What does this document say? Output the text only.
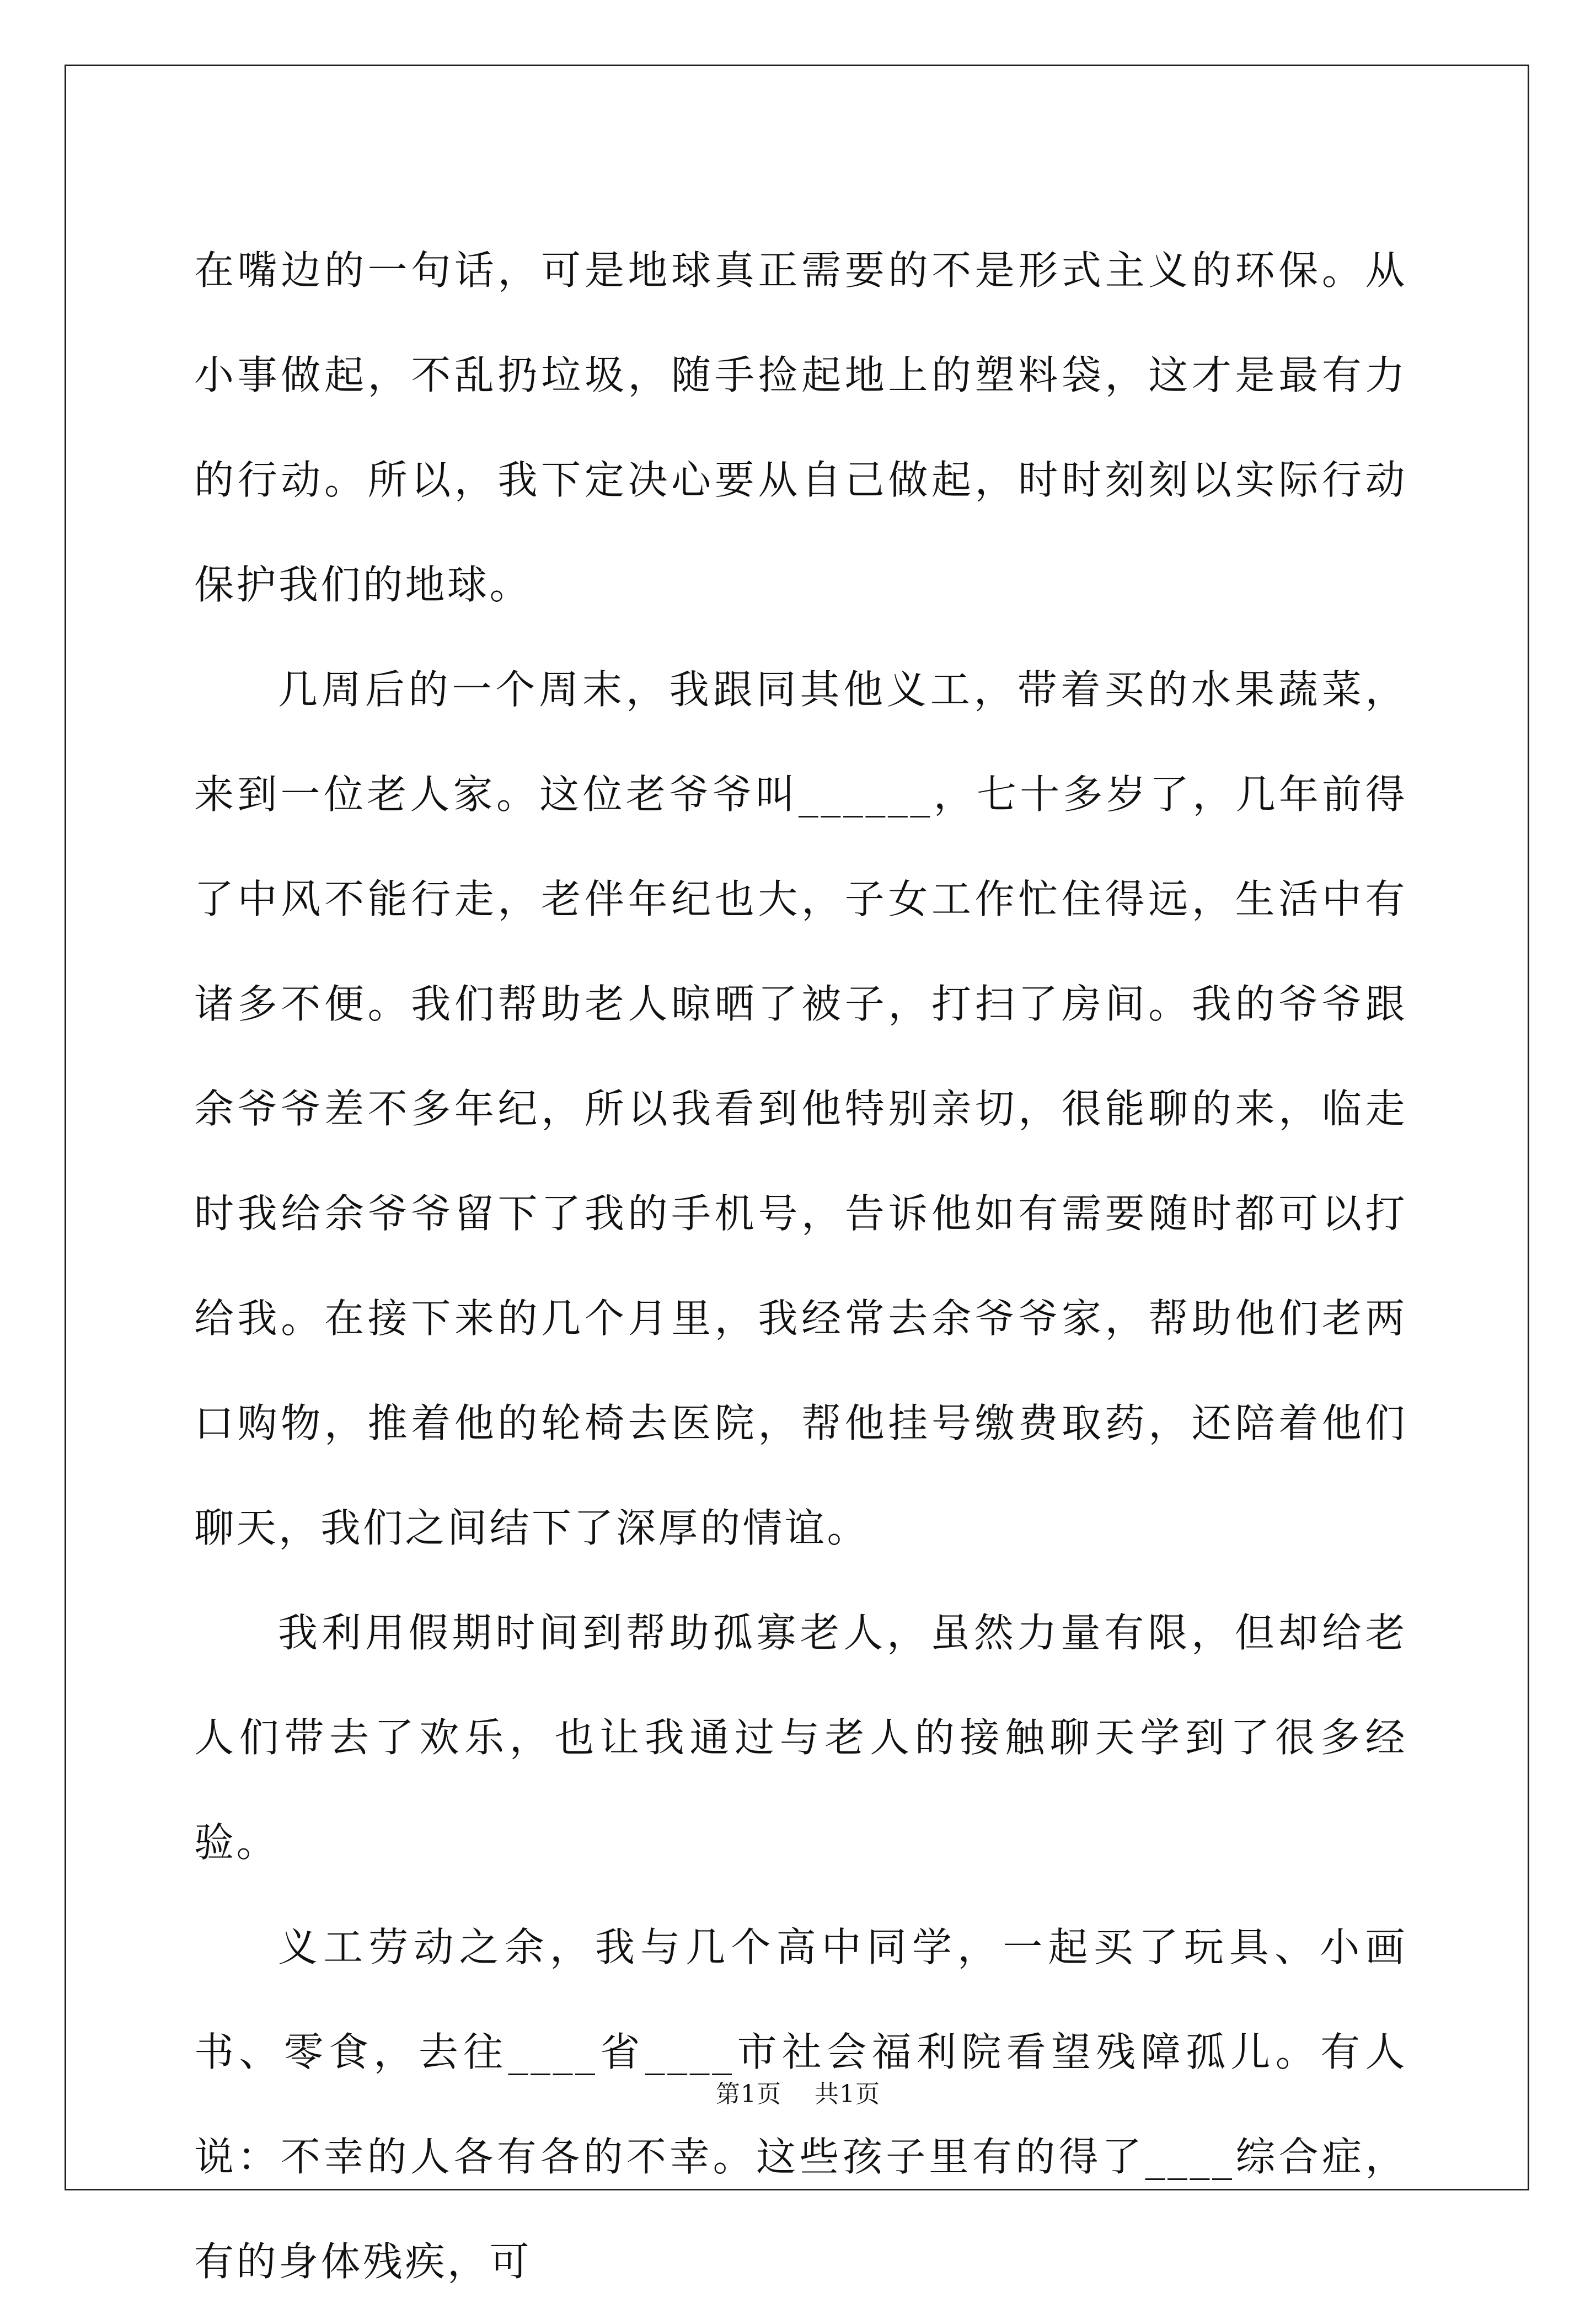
在嘴边的一句话，可是地球真正需要的不是形式主义的环保。从小事做起，不乱扔垃圾，随手捡起地上的塑料袋，这才是最有力的行动。所以，我下定决心要从自己做起，时时刻刻以实际行动保护我们的地球。

几周后的一个周末，我跟同其他义工，带着买的水果蔬菜，来到一位老人家。这位老爷爷叫______，七十多岁了，几年前得了中风不能行走，老伴年纪也大，子女工作忙住得远，生活中有诸多不便。我们帮助老人晾晒了被子，打扫了房间。我的爷爷跟余爷爷差不多年纪，所以我看到他特别亲切，很能聊的来，临走时我给余爷爷留下了我的手机号，告诉他如有需要随时都可以打给我。在接下来的几个月里，我经常去余爷爷家，帮助他们老两口购物，推着他的轮椅去医院，帮他挂号缴费取药，还陪着他们聊天，我们之间结下了深厚的情谊。

我利用假期时间到帮助孤寡老人，虽然力量有限，但却给老人们带去了欢乐，也让我通过与老人的接触聊天学到了很多经验。

义工劳动之余，我与几个高中同学，一起买了玩具、小画书、零食，去往____省____市社会福利院看望残障孤儿。有人说：不幸的人各有各的不幸。这些孩子里有的得了____综合症，有的身体残疾，可

第1页    共1页
